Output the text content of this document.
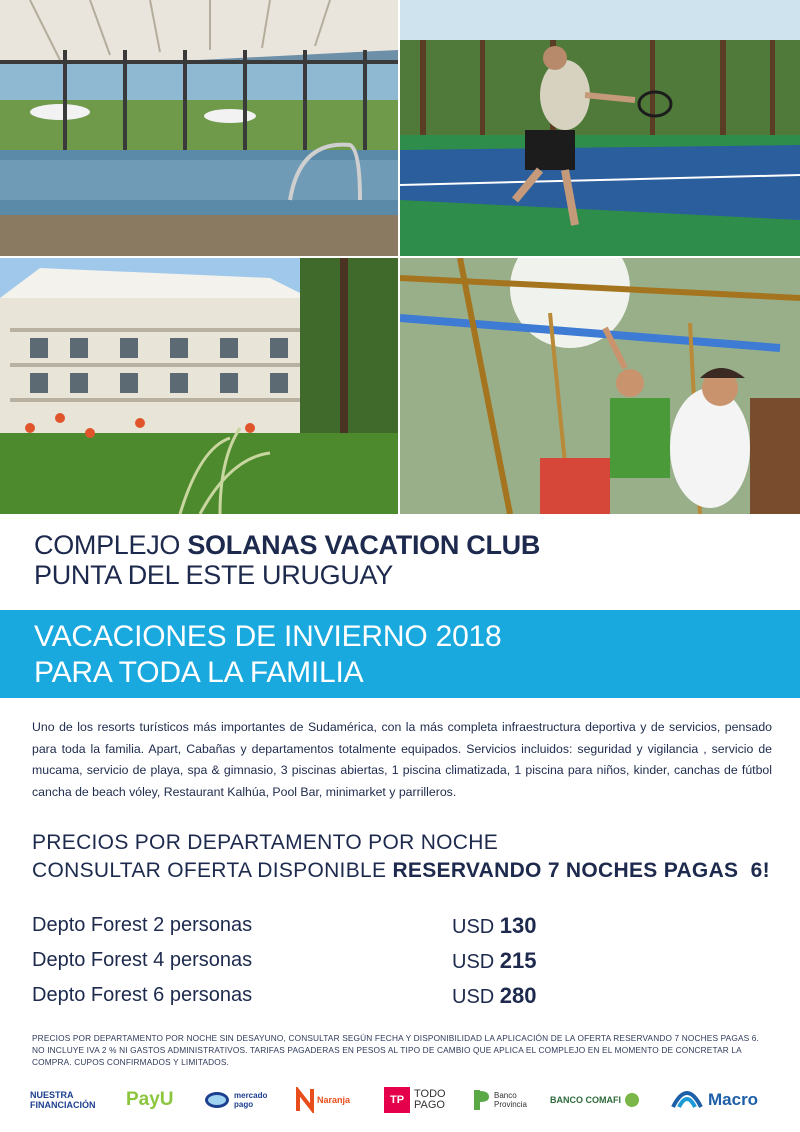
COMPLEJO SOLANAS VACATION CLUB
PUNTA DEL ESTE URUGUAY
VACACIONES DE INVIERNO 2018
PARA TODA LA FAMILIA

Uno de los resorts turísticos más importantes de Sudamérica, con la más completa infraestructura deportiva y de servicios, pensado para toda la familia. Apart, Cabañas y departamentos totalmente equipados. Servicios incluidos: seguridad y vigilancia , servicio de mucama, servicio de playa, spa & gimnasio, 3 piscinas abiertas, 1 piscina climatizada, 1 piscina para niños, kinder, canchas de fútbol cancha de beach vóley, Restaurant Kalhúa, Pool Bar, minimarket y parrilleros.

PRECIOS POR DEPARTAMENTO POR NOCHE
CONSULTAR OFERTA DISPONIBLE RESERVANDO 7 NOCHES PAGAS  6!
Depto Forest 2 personas	USD 130
Depto Forest 4 personas	USD 215
Depto Forest 6 personas	USD 280

PRECIOS POR DEPARTAMENTO POR NOCHE SIN DESAYUNO, CONSULTAR SEGÚN FECHA Y DISPONIBILIDAD LA APLICACIÓN DE LA OFERTA RESERVANDO 7 NOCHES PAGAS 6. NO INCLUYE IVA 2 % NI GASTOS ADMINISTRATIVOS. TARIFAS PAGADERAS EN PESOS AL TIPO DE CAMBIO QUE APLICA EL COMPLEJO EN EL MOMENTO DE CONCRETAR LA COMPRA. CUPOS CONFIRMADOS Y LIMITADOS.

NUESTRA
FINANCIACIÓN PayU	mercado
pago	Naranja	TP TODO
PAGO
Banco
Provincia	BANCO COMAFI	Macro
